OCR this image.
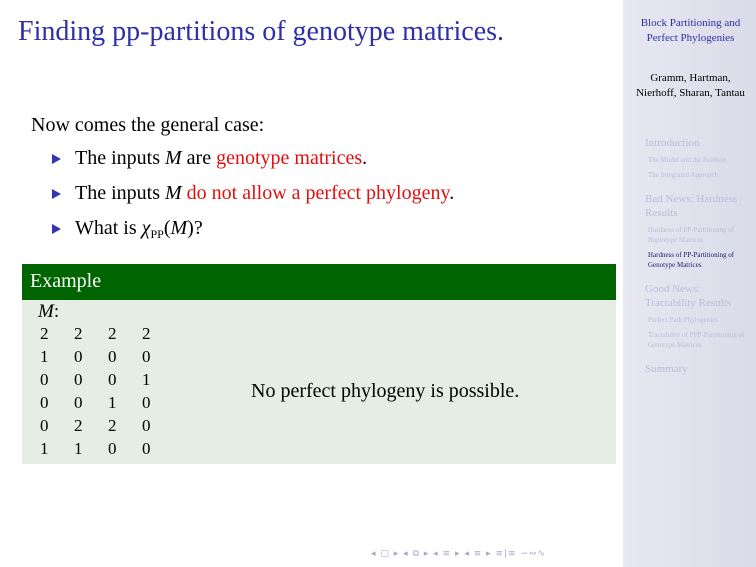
Finding pp-partitions of genotype matrices.

Now comes the general case:

The inputs M are genotype matrices.
The inputs M do not allow a perfect phylogeny.
What is $\chi_{PP}(M)$?
Example
M:
2	2	2	2
1	0	0	0
0	0	0	1
0	0	1	0
0	2	2	0
1	1	0	0
No perfect phylogeny is possible.
◂ ▢ ▸ ◂ ⧉ ▸ ◂ ≡ ▸ ◂ ≡ ▸ ≡|≡ ∽∾∿
Block Partitioning and Perfect Phylogenies
Gramm, Hartman, Nierhoff, Sharan, Tantau
Introduction
The Model and the Problem
The Integrated Approach
Bad News: Hardness Results
Hardness of PP-Partitioning of Haplotype Matrices
Hardness of PP-Partitioning of Genotype Matrices
Good News: Tractability Results
Perfect Path Phylogenies
Tractability of PPP-Partitioning of Genotype Matrices
Summary
